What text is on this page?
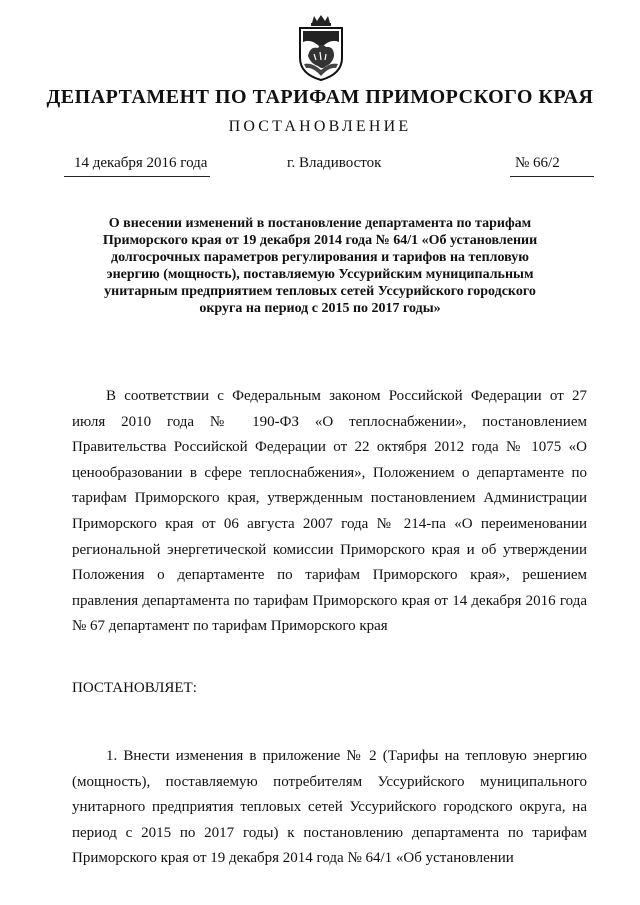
ДЕПАРТАМЕНТ ПО ТАРИФАМ ПРИМОРСКОГО КРАЯ
ПОСТАНОВЛЕНИЕ
14 декабря 2016 года	г. Владивосток	№ 66/2
О внесении изменений в постановление департамента по тарифам Приморского края от 19 декабря 2014 года № 64/1 «Об установлении долгосрочных параметров регулирования и тарифов на тепловую энергию (мощность), поставляемую Уссурийским муниципальным унитарным предприятием тепловых сетей Уссурийского городского округа на период с 2015 по 2017 годы»
В соответствии с Федеральным законом Российской Федерации от 27 июля 2010 года № 190-ФЗ «О теплоснабжении», постановлением Правительства Российской Федерации от 22 октября 2012 года № 1075 «О ценообразовании в сфере теплоснабжения», Положением о департаменте по тарифам Приморского края, утвержденным постановлением Администрации Приморского края от 06 августа 2007 года № 214-па «О переименовании региональной энергетической комиссии Приморского края и об утверждении Положения о департаменте по тарифам Приморского края», решением правления департамента по тарифам Приморского края от 14 декабря 2016 года № 67 департамент по тарифам Приморского края
ПОСТАНОВЛЯЕТ:
1. Внести изменения в приложение № 2 (Тарифы на тепловую энергию (мощность), поставляемую потребителям Уссурийского муниципального унитарного предприятия тепловых сетей Уссурийского городского округа, на период с 2015 по 2017 годы) к постановлению департамента по тарифам Приморского края от 19 декабря 2014 года № 64/1 «Об установлении
